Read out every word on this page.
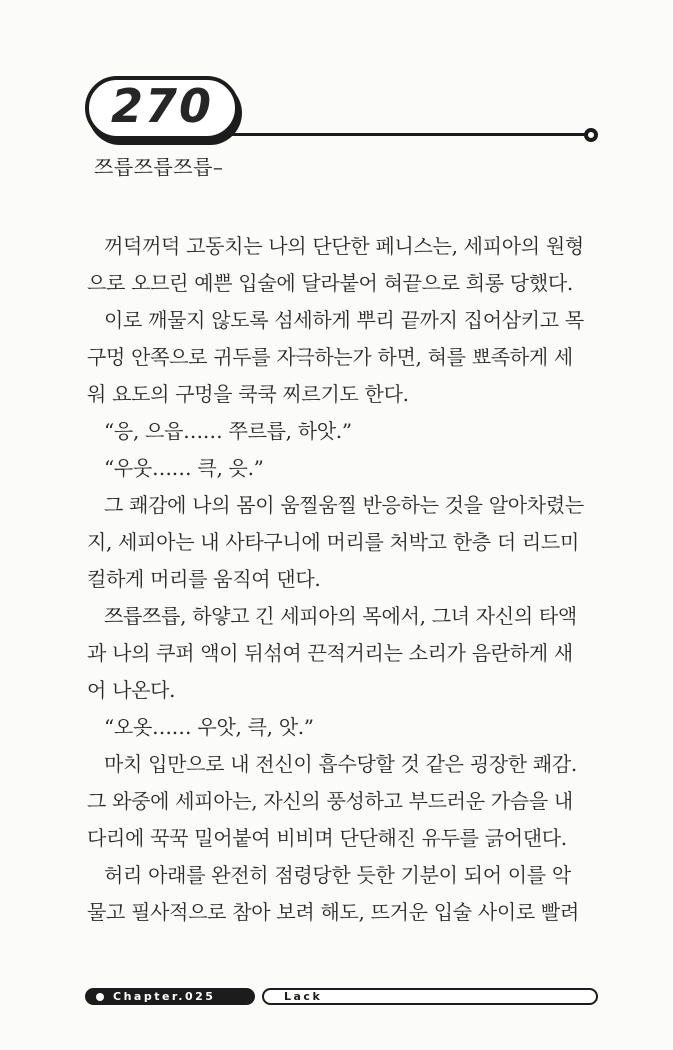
270
쯔릅쯔릅쯔릅–
꺼덕꺼덕 고동치는 나의 단단한 페니스는, 세피아의 원형
으로 오므린 예쁜 입술에 달라붙어 혀끝으로 희롱 당했다.
이로 깨물지 않도록 섬세하게 뿌리 끝까지 집어삼키고 목
구멍 안쪽으로 귀두를 자극하는가 하면, 혀를 뾰족하게 세
워 요도의 구멍을 쿡쿡 찌르기도 한다.
“응, 으읍…… 쭈르릅, 하앗.”
“우웃…… 큭, 읏.”
그 쾌감에 나의 몸이 움찔움찔 반응하는 것을 알아차렸는
지, 세피아는 내 사타구니에 머리를 처박고 한층 더 리드미
컬하게 머리를 움직여 댄다.
쯔릅쯔릅, 하얗고 긴 세피아의 목에서, 그녀 자신의 타액
과 나의 쿠퍼 액이 뒤섞여 끈적거리는 소리가 음란하게 새
어 나온다.
“오옷…… 우앗, 큭, 앗.”
마치 입만으로 내 전신이 흡수당할 것 같은 굉장한 쾌감.
그 와중에 세피아는, 자신의 풍성하고 부드러운 가슴을 내
다리에 꾹꾹 밀어붙여 비비며 단단해진 유두를 긁어댄다.
허리 아래를 완전히 점령당한 듯한 기분이 되어 이를 악
물고 필사적으로 참아 보려 해도, 뜨거운 입술 사이로 빨려
Chapter.025	Lack
